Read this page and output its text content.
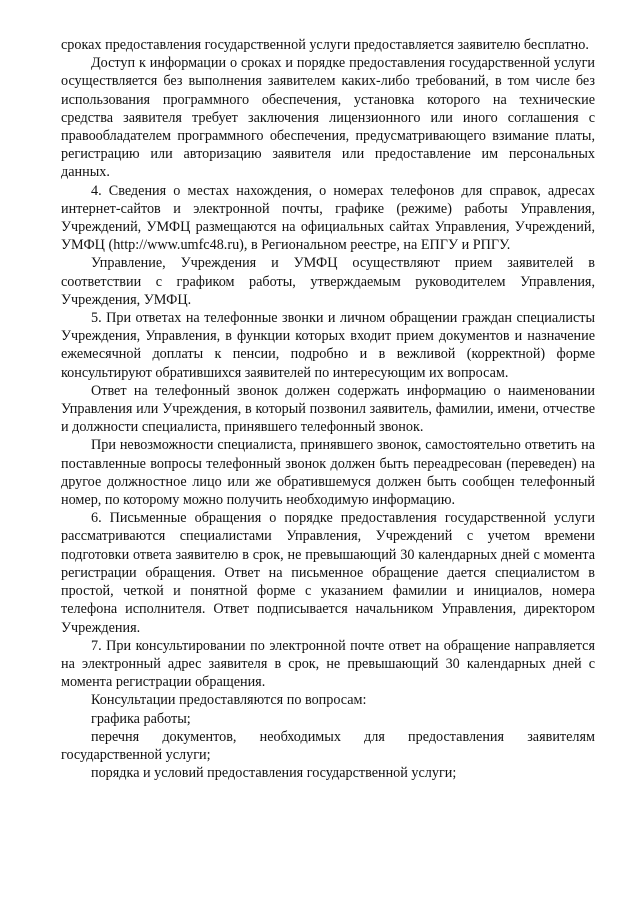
сроках предоставления государственной услуги предоставляется заявителю бесплатно.

Доступ к информации о сроках и порядке предоставления государственной услуги осуществляется без выполнения заявителем каких-либо требований, в том числе без использования программного обеспечения, установка которого на технические средства заявителя требует заключения лицензионного или иного соглашения с правообладателем программного обеспечения, предусматривающего взимание платы, регистрацию или авторизацию заявителя или предоставление им персональных данных.

4. Сведения о местах нахождения, о номерах телефонов для справок, адресах интернет-сайтов и электронной почты, графике (режиме) работы Управления, Учреждений, УМФЦ размещаются на официальных сайтах Управления, Учреждений, УМФЦ (http://www.umfc48.ru), в Региональном реестре, на ЕПГУ и РПГУ.

Управление, Учреждения и УМФЦ осуществляют прием заявителей в соответствии с графиком работы, утверждаемым руководителем Управления, Учреждения, УМФЦ.

5. При ответах на телефонные звонки и личном обращении граждан специалисты Учреждения, Управления, в функции которых входит прием документов и назначение ежемесячной доплаты к пенсии, подробно и в вежливой (корректной) форме консультируют обратившихся заявителей по интересующим их вопросам.

Ответ на телефонный звонок должен содержать информацию о наименовании Управления или Учреждения, в который позвонил заявитель, фамилии, имени, отчестве и должности специалиста, принявшего телефонный звонок.

При невозможности специалиста, принявшего звонок, самостоятельно ответить на поставленные вопросы телефонный звонок должен быть переадресован (переведен) на другое должностное лицо или же обратившемуся должен быть сообщен телефонный номер, по которому можно получить необходимую информацию.

6. Письменные обращения о порядке предоставления государственной услуги рассматриваются специалистами Управления, Учреждений с учетом времени подготовки ответа заявителю в срок, не превышающий 30 календарных дней с момента регистрации обращения. Ответ на письменное обращение дается специалистом в простой, четкой и понятной форме с указанием фамилии и инициалов, номера телефона исполнителя. Ответ подписывается начальником Управления, директором Учреждения.

7. При консультировании по электронной почте ответ на обращение направляется на электронный адрес заявителя в срок, не превышающий 30 календарных дней с момента регистрации обращения.

Консультации предоставляются по вопросам:

графика работы;

перечня документов, необходимых для предоставления заявителям государственной услуги;

порядка и условий предоставления государственной услуги;
